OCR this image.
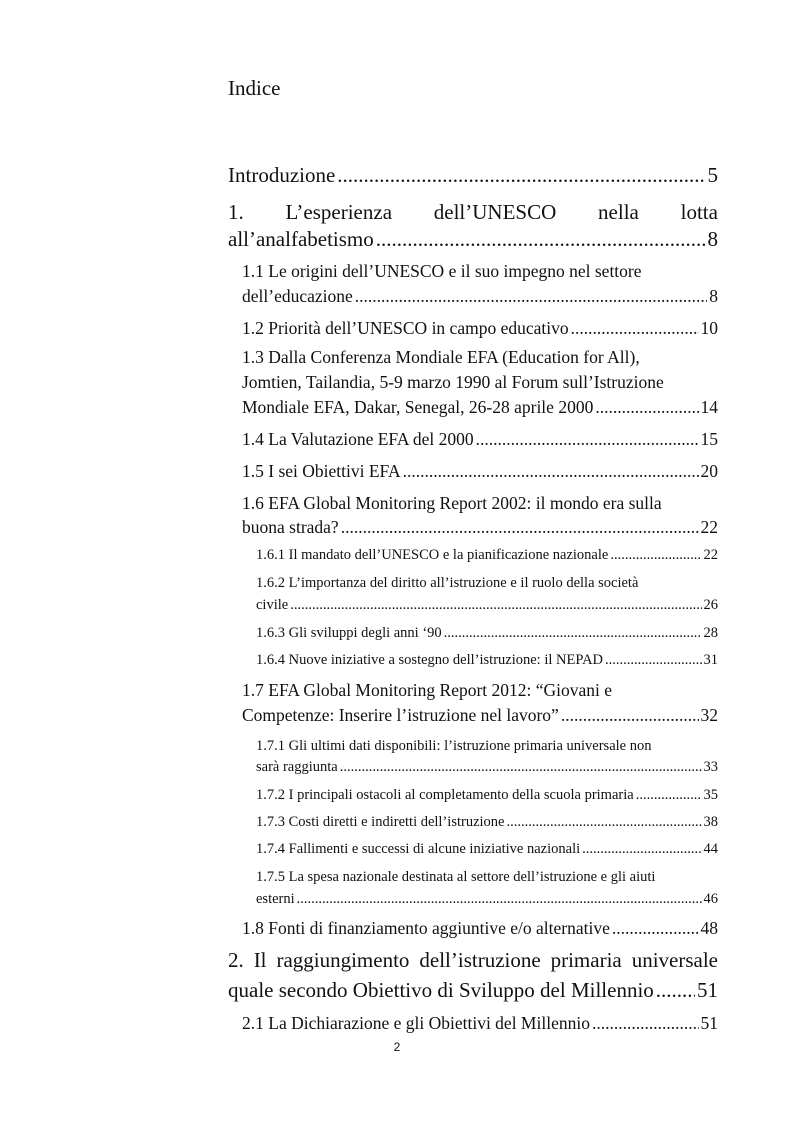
Indice
Introduzione .....	5
1. L’esperienza dell’UNESCO nella lotta
all’analfabetismo .....	8
1.1 Le origini dell’UNESCO e il suo impegno nel settore
dell’educazione .....	8
1.2 Priorità dell’UNESCO in campo educativo .....	10
1.3 Dalla Conferenza Mondiale EFA (Education for All),
Jomtien, Tailandia, 5-9 marzo 1990 al Forum sull’Istruzione
Mondiale EFA, Dakar, Senegal, 26-28 aprile 2000 .....	14
1.4 La Valutazione EFA del 2000 .....	15
1.5 I sei Obiettivi EFA .....	20
1.6 EFA Global Monitoring Report 2002: il mondo era sulla
buona strada? .....	22
1.6.1 Il mandato dell’UNESCO e la pianificazione nazionale .....	22
1.6.2 L’importanza del diritto all’istruzione e il ruolo della società
civile .....	26
1.6.3 Gli sviluppi degli anni ‘90 .....	28
1.6.4 Nuove iniziative a sostegno dell’istruzione: il NEPAD .....	31
1.7 EFA Global Monitoring Report 2012: “Giovani e
Competenze: Inserire l’istruzione nel lavoro” .....	32
1.7.1 Gli ultimi dati disponibili: l’istruzione primaria universale non
sarà raggiunta .....	33
1.7.2 I principali ostacoli al completamento della scuola primaria .....	35
1.7.3 Costi diretti e indiretti dell’istruzione .....	38
1.7.4 Fallimenti e successi di alcune iniziative nazionali .....	44
1.7.5 La spesa nazionale destinata al settore dell’istruzione e gli aiuti
esterni .....	46
1.8 Fonti di finanziamento aggiuntive e/o alternative .....	48
2. Il raggiungimento dell’istruzione primaria universale
quale secondo Obiettivo di Sviluppo del Millennio ..... 51
2.1 La Dichiarazione e gli Obiettivi del Millennio .....	51
2
